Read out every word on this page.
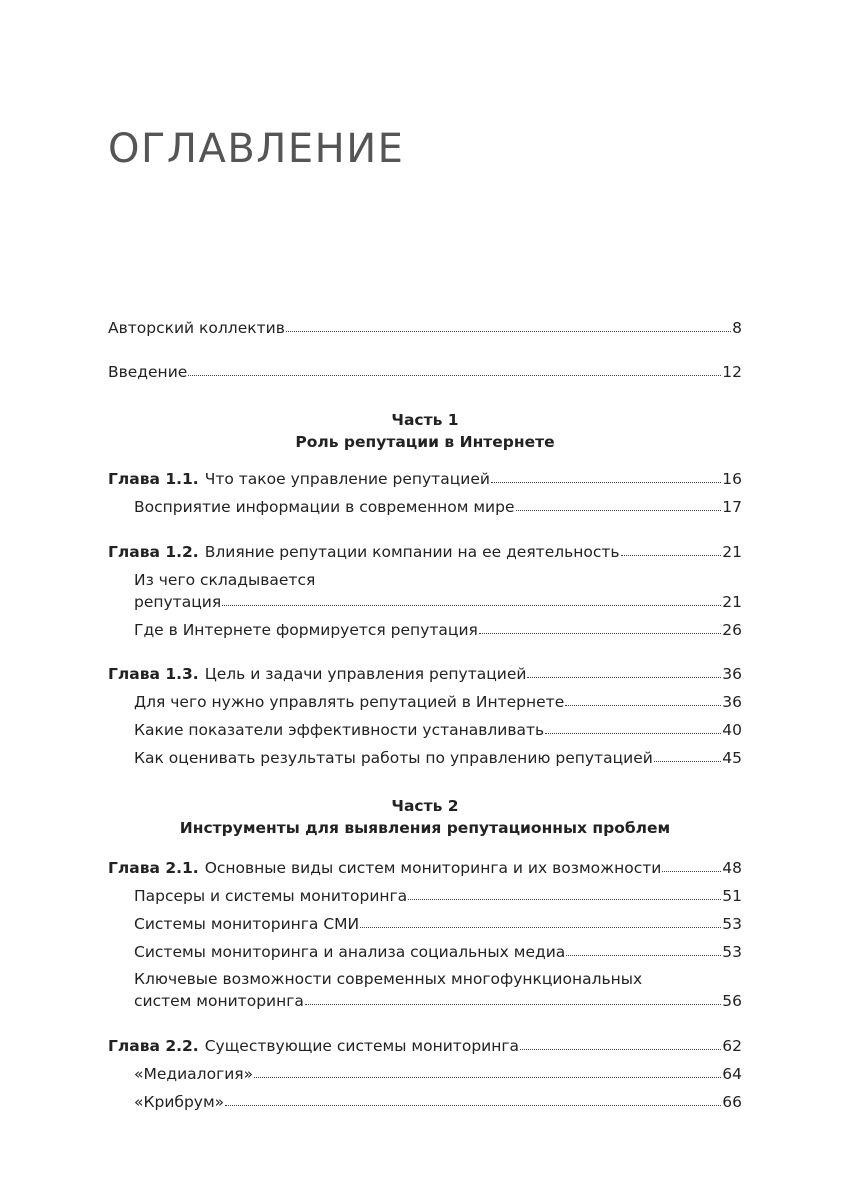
ОГЛАВЛЕНИЕ
Авторский коллектив	8
Введение	12
Часть 1
Роль репутации в Интернете
Глава 1.1. Что такое управление репутацией	16
Восприятие информации в современном мире	17
Глава 1.2. Влияние репутации компании на ее деятельность	21
Из чего складывается
репутация	21
Где в Интернете формируется репутация	26
Глава 1.3. Цель и задачи управления репутацией	36
Для чего нужно управлять репутацией в Интернете	36
Какие показатели эффективности устанавливать	40
Как оценивать результаты работы по управлению репутацией	45
Часть 2
Инструменты для выявления репутационных проблем
Глава 2.1. Основные виды систем мониторинга и их возможности	48
Парсеры и системы мониторинга	51
Системы мониторинга СМИ	53
Системы мониторинга и анализа социальных медиа	53
Ключевые возможности современных многофункциональных
систем мониторинга	56
Глава 2.2. Существующие системы мониторинга	62
«Медиалогия»	64
«Крибрум»	66
